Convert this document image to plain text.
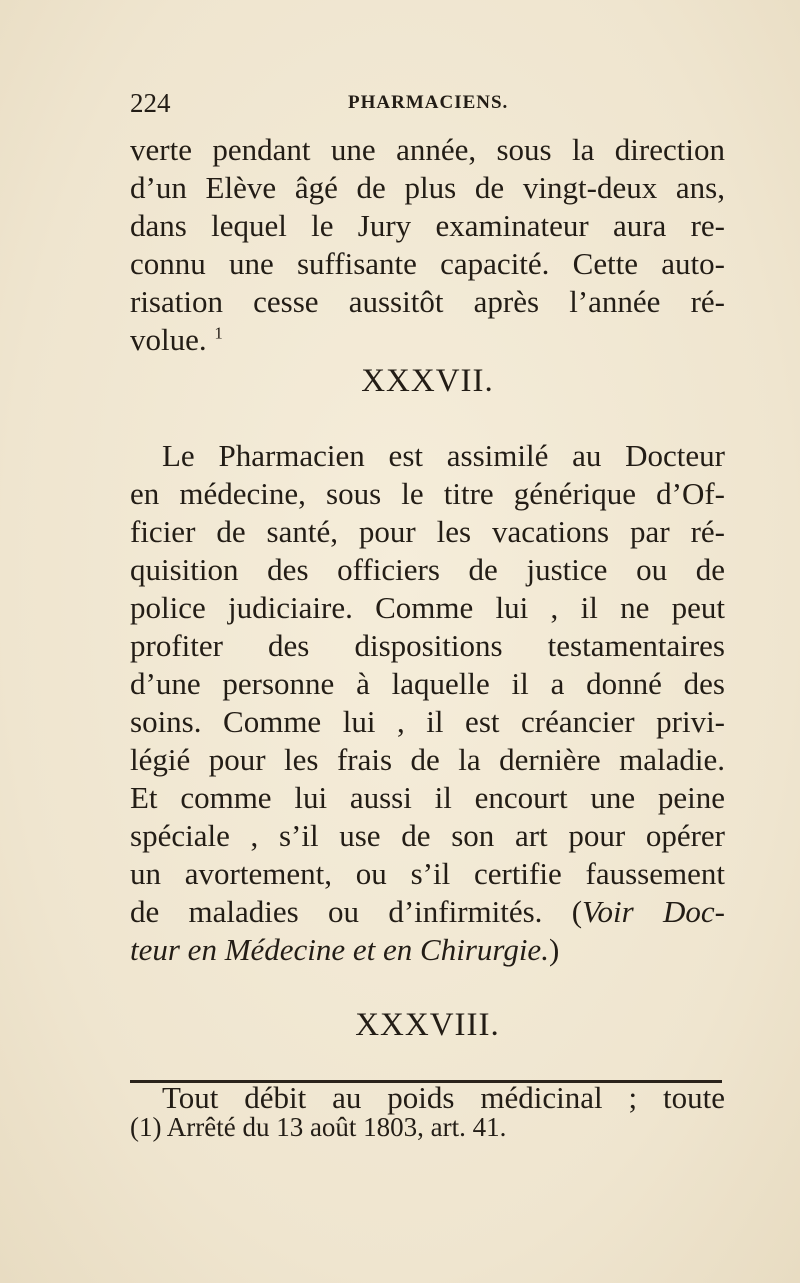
224	PHARMACIENS.
verte pendant une année, sous la direction
d’un Elève âgé de plus de vingt-deux ans,
dans lequel le Jury examinateur aura re-
connu une suffisante capacité. Cette auto-
risation cesse aussitôt après l’année ré-
volue. $^1$
XXXVII.
Le Pharmacien est assimilé au Docteur
en médecine, sous le titre générique d’Of-
ficier de santé, pour les vacations par ré-
quisition des officiers de justice ou de
police judiciaire. Comme lui , il ne peut
profiter des dispositions testamentaires
d’une personne à laquelle il a donné des
soins. Comme lui , il est créancier privi-
légié pour les frais de la dernière maladie.
Et comme lui aussi il encourt une peine
spéciale , s’il use de son art pour opérer
un avortement, ou s’il certifie faussement
de maladies ou d’infirmités. (Voir Doc-
teur en Médecine et en Chirurgie.)
XXXVIII.
Tout débit au poids médicinal ; toute
(1) Arrêté du 13 août 1803, art. 41.
